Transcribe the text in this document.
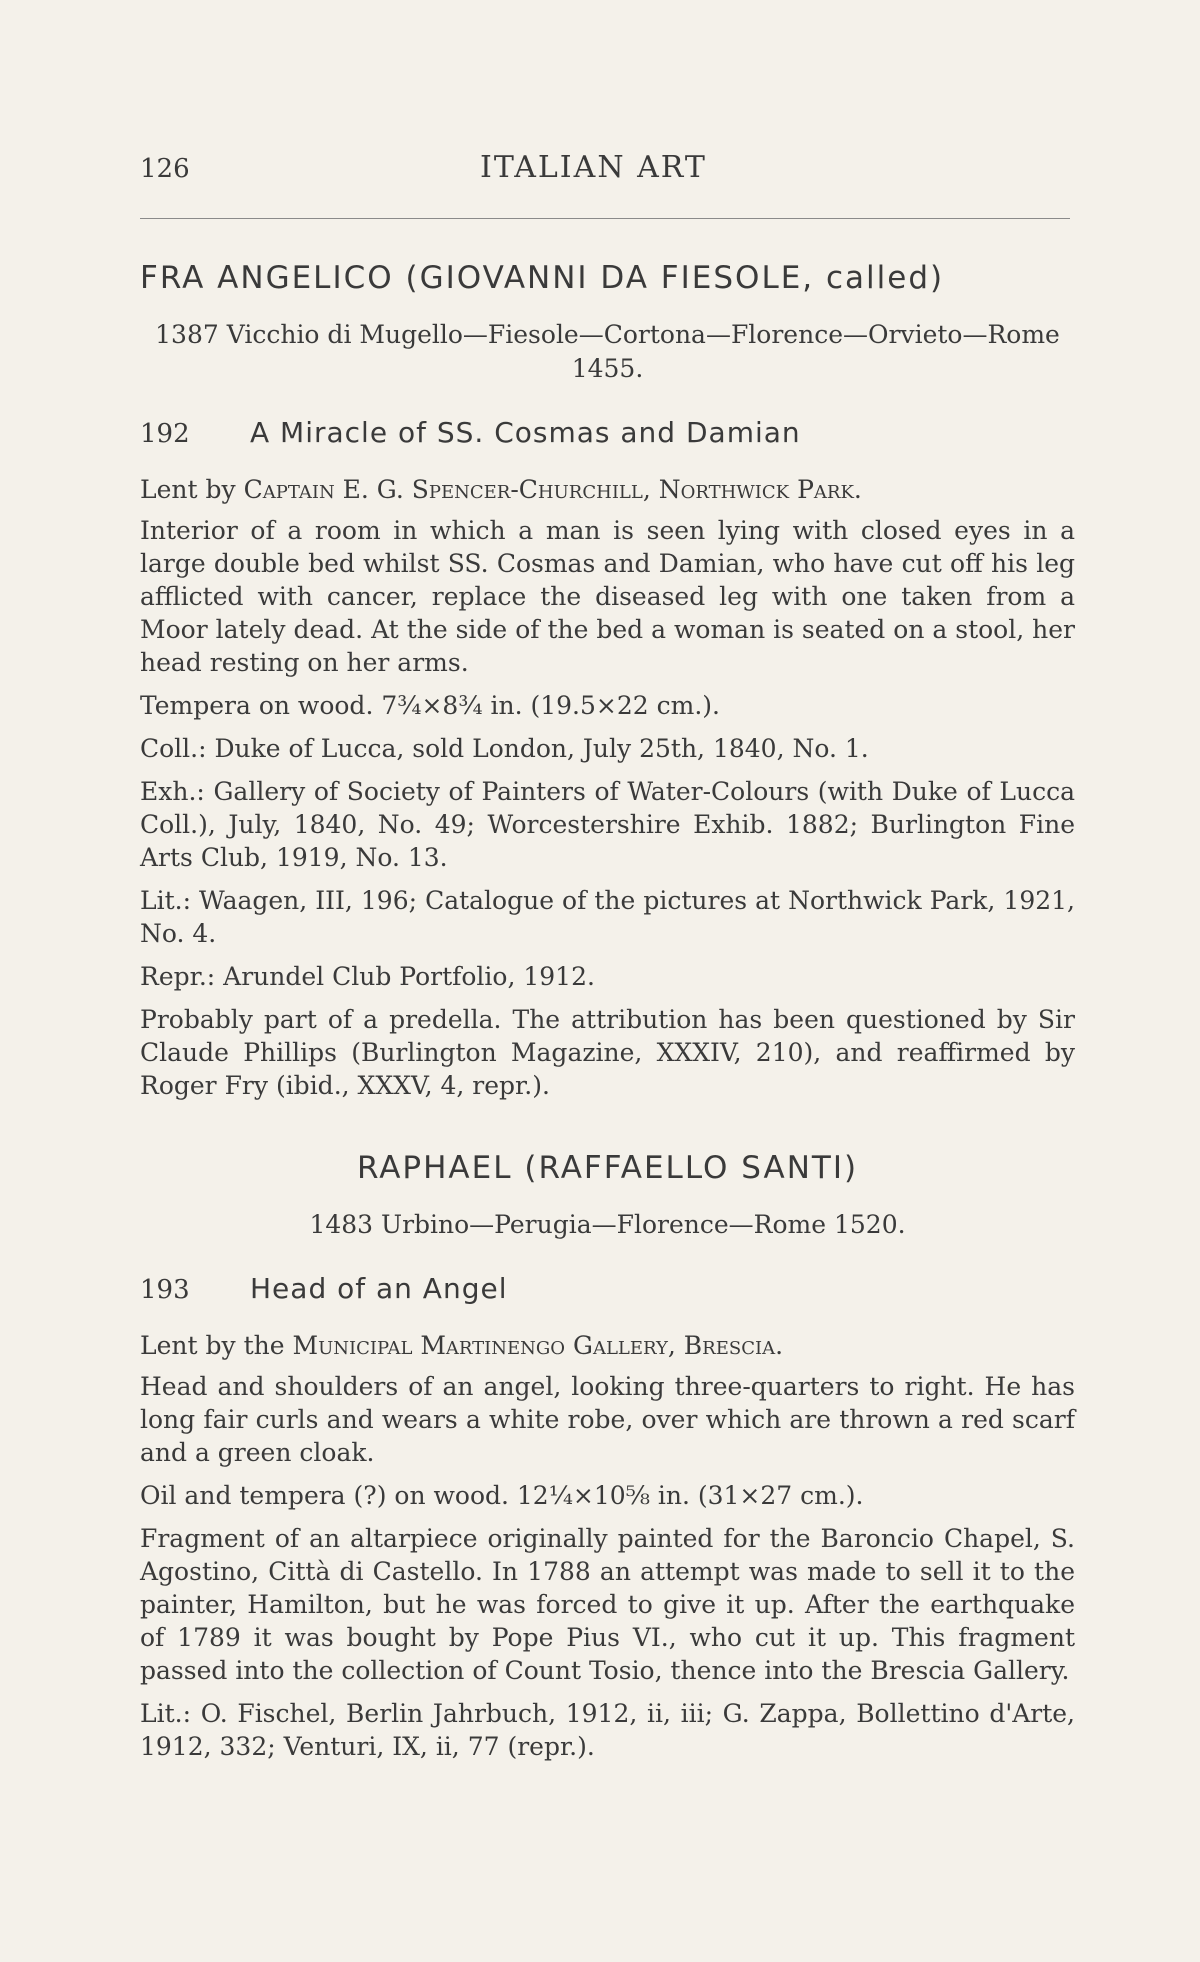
126	ITALIAN ART
FRA ANGELICO (GIOVANNI DA FIESOLE, called)
1387 Vicchio di Mugello—Fiesole—Cortona—Florence—Orvieto—Rome 1455.
192	A Miracle of SS. Cosmas and Damian

Lent by Captain E. G. Spencer-Churchill, Northwick Park.

Interior of a room in which a man is seen lying with closed eyes in a large double bed whilst SS. Cosmas and Damian, who have cut off his leg afflicted with cancer, replace the diseased leg with one taken from a Moor lately dead. At the side of the bed a woman is seated on a stool, her head resting on her arms.

Tempera on wood. 7¾×8¾ in. (19.5×22 cm.).

Coll.: Duke of Lucca, sold London, July 25th, 1840, No. 1.

Exh.: Gallery of Society of Painters of Water-Colours (with Duke of Lucca Coll.), July, 1840, No. 49; Worcestershire Exhib. 1882; Burlington Fine Arts Club, 1919, No. 13.

Lit.: Waagen, III, 196; Catalogue of the pictures at Northwick Park, 1921, No. 4.

Repr.: Arundel Club Portfolio, 1912.

Probably part of a predella. The attribution has been questioned by Sir Claude Phillips (Burlington Magazine, XXXIV, 210), and reaffirmed by Roger Fry (ibid., XXXV, 4, repr.).

RAPHAEL (RAFFAELLO SANTI)
1483 Urbino—Perugia—Florence—Rome 1520.
193	Head of an Angel

Lent by the Municipal Martinengo Gallery, Brescia.

Head and shoulders of an angel, looking three-quarters to right. He has long fair curls and wears a white robe, over which are thrown a red scarf and a green cloak.

Oil and tempera (?) on wood. 12¼×10⅝ in. (31×27 cm.).

Fragment of an altarpiece originally painted for the Baroncio Chapel, S. Agostino, Città di Castello. In 1788 an attempt was made to sell it to the painter, Hamilton, but he was forced to give it up. After the earthquake of 1789 it was bought by Pope Pius VI., who cut it up. This fragment passed into the collection of Count Tosio, thence into the Brescia Gallery.

Lit.: O. Fischel, Berlin Jahrbuch, 1912, ii, iii; G. Zappa, Bollettino d'Arte, 1912, 332; Venturi, IX, ii, 77 (repr.).
